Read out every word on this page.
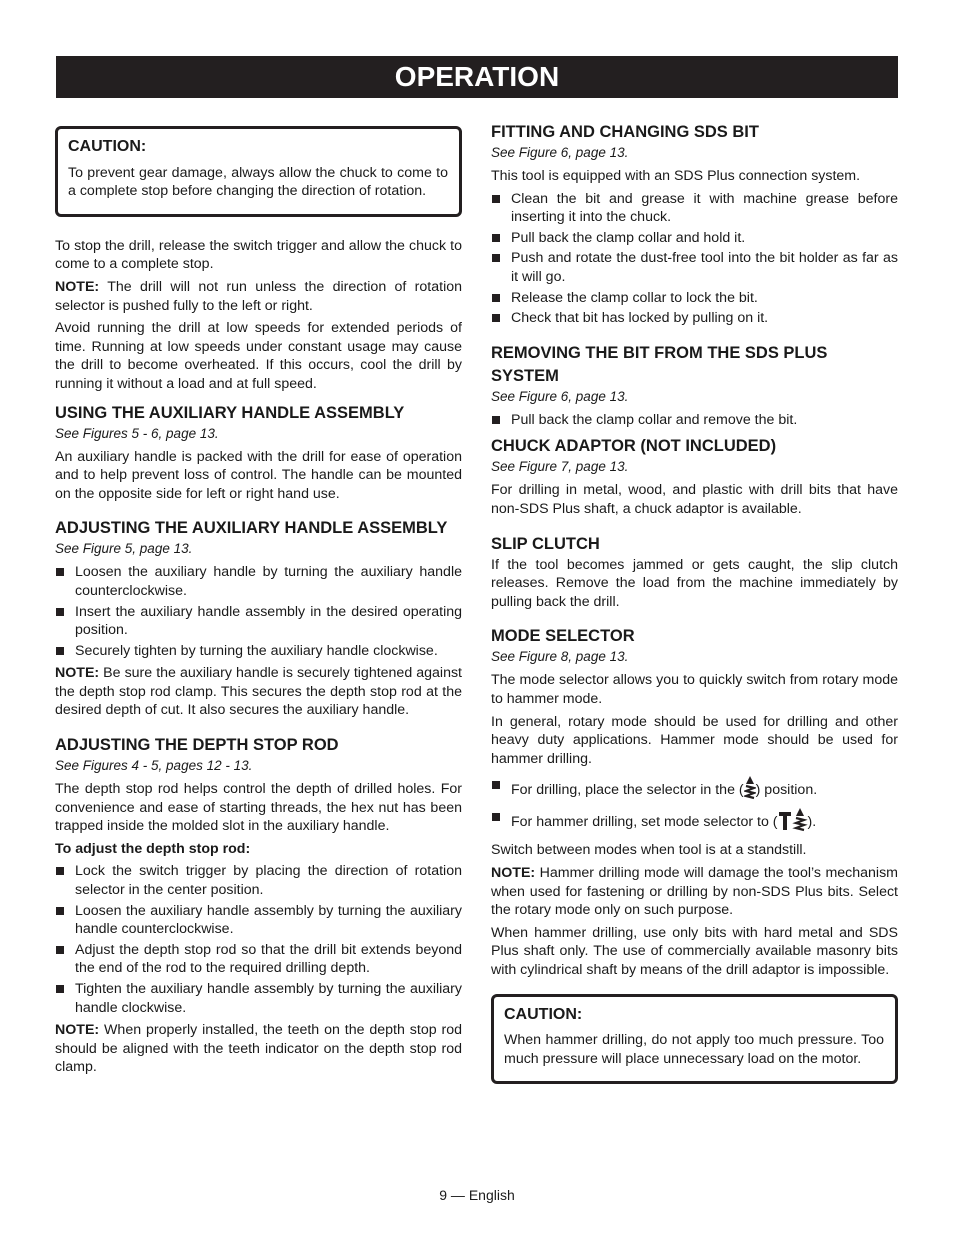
OPERATION
CAUTION:

To prevent gear damage, always allow the chuck to come to a complete stop before changing the direction of rotation.

To stop the drill, release the switch trigger and allow the chuck to come to a complete stop.

NOTE: The drill will not run unless the direction of rotation selector is pushed fully to the left or right.

Avoid running the drill at low speeds for extended periods of time. Running at low speeds under constant usage may cause the drill to become overheated. If this occurs, cool the drill by running it without a load and at full speed.

USING THE AUXILIARY HANDLE ASSEMBLY
See Figures 5 - 6, page 13.

An auxiliary handle is packed with the drill for ease of operation and to help prevent loss of control. The handle can be mounted on the opposite side for left or right hand use.

ADJUSTING THE AUXILIARY HANDLE ASSEMBLY
See Figure 5, page 13.
Loosen the auxiliary handle by turning the auxiliary handle counterclockwise.
Insert the auxiliary handle assembly in the desired operating position.
Securely tighten by turning the auxiliary handle clockwise.

NOTE: Be sure the auxiliary handle is securely tightened against the depth stop rod clamp. This secures the depth stop rod at the desired depth of cut. It also secures the auxiliary handle.

ADJUSTING THE DEPTH STOP ROD
See Figures 4 - 5, pages 12 - 13.

The depth stop rod helps control the depth of drilled holes. For convenience and ease of starting threads, the hex nut has been trapped inside the molded slot in the auxiliary handle.

To adjust the depth stop rod:

Lock the switch trigger by placing the direction of rotation selector in the center position.
Loosen the auxiliary handle assembly by turning the auxiliary handle counterclockwise.
Adjust the depth stop rod so that the drill bit extends beyond the end of the rod to the required drilling depth.
Tighten the auxiliary handle assembly by turning the auxiliary handle clockwise.

NOTE: When properly installed, the teeth on the depth stop rod should be aligned with the teeth indicator on the depth stop rod clamp.

FITTING AND CHANGING SDS BIT
See Figure 6, page 13.

This tool is equipped with an SDS Plus connection system.

Clean the bit and grease it with machine grease before inserting it into the chuck.
Pull back the clamp collar and hold it.
Push and rotate the dust-free tool into the bit holder as far as it will go.
Release the clamp collar to lock the bit.
Check that bit has locked by pulling on it.
REMOVING THE BIT FROM THE SDS PLUS SYSTEM
See Figure 6, page 13.
Pull back the clamp collar and remove the bit.
CHUCK ADAPTOR (NOT INCLUDED)
See Figure 7, page 13.

For drilling in metal, wood, and plastic with drill bits that have non-SDS Plus shaft, a chuck adaptor is available.

SLIP CLUTCH

If the tool becomes jammed or gets caught, the slip clutch releases. Remove the load from the machine immediately by pulling back the drill.

MODE SELECTOR
See Figure 8, page 13.

The mode selector allows you to quickly switch from rotary mode to hammer mode.

In general, rotary mode should be used for drilling and other heavy duty applications. Hammer mode should be used for hammer drilling.

For drilling, place the selector in the ( ) position.
For hammer drilling, set mode selector to ( ).

Switch between modes when tool is at a standstill.

NOTE: Hammer drilling mode will damage the tool’s mechanism when used for fastening or drilling by non-SDS Plus bits. Select the rotary mode only on such purpose.

When hammer drilling, use only bits with hard metal and SDS Plus shaft only. The use of commercially available masonry bits with cylindrical shaft by means of the drill adaptor is impossible.

CAUTION:

When hammer drilling, do not apply too much pressure. Too much pressure will place unnecessary load on the motor.

9 — English
